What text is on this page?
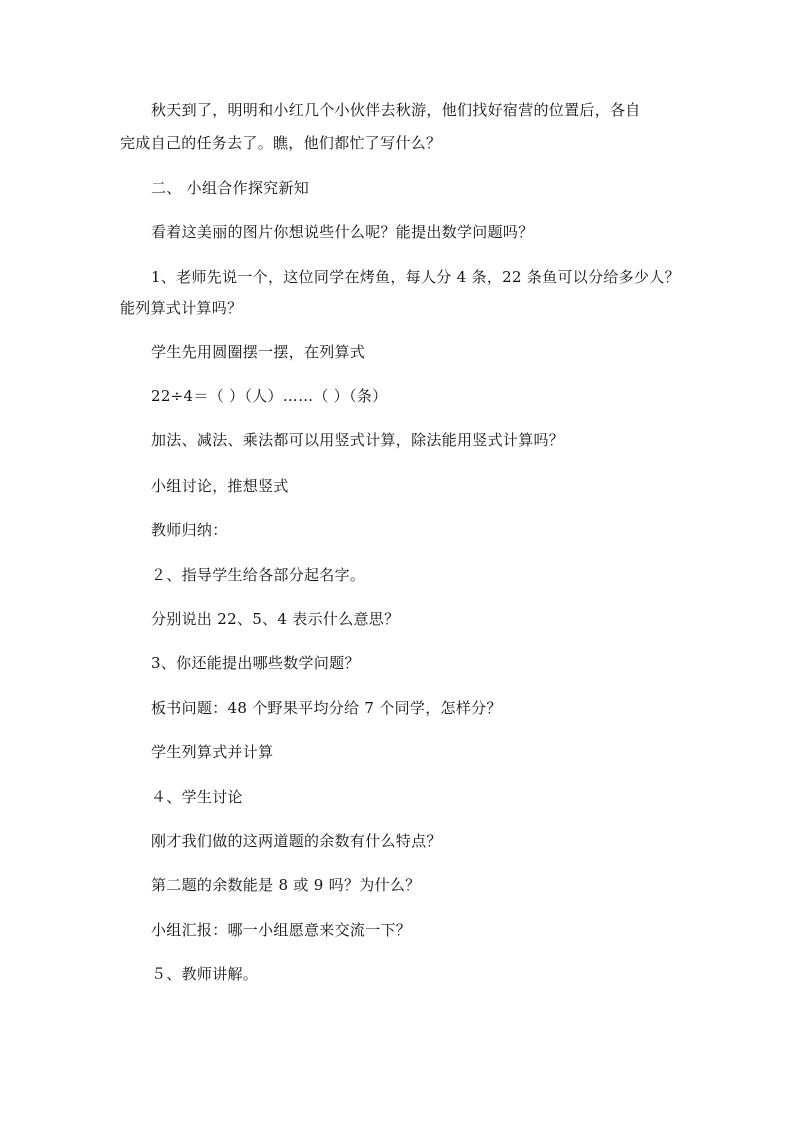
秋天到了，明明和小红几个小伙伴去秋游，他们找好宿营的位置后，各自
完成自己的任务去了。瞧，他们都忙了写什么？
二、 小组合作探究新知
看着这美丽的图片你想说些什么呢？能提出数学问题吗？
1、老师先说一个，这位同学在烤鱼，每人分 4 条，22 条鱼可以分给多少人？
能列算式计算吗？
学生先用圆圈摆一摆，在列算式
22÷4＝（ ）（人）……（ ）（条）
加法、减法、乘法都可以用竖式计算，除法能用竖式计算吗？
小组讨论，推想竖式
教师归纳：
２、指导学生给各部分起名字。
分别说出 22、5、4 表示什么意思？
3、你还能提出哪些数学问题？
板书问题：48 个野果平均分给 7 个同学，怎样分？
学生列算式并计算
４、学生讨论
刚才我们做的这两道题的余数有什么特点？
第二题的余数能是 8 或 9 吗？为什么？
小组汇报：哪一小组愿意来交流一下？
５、教师讲解。
